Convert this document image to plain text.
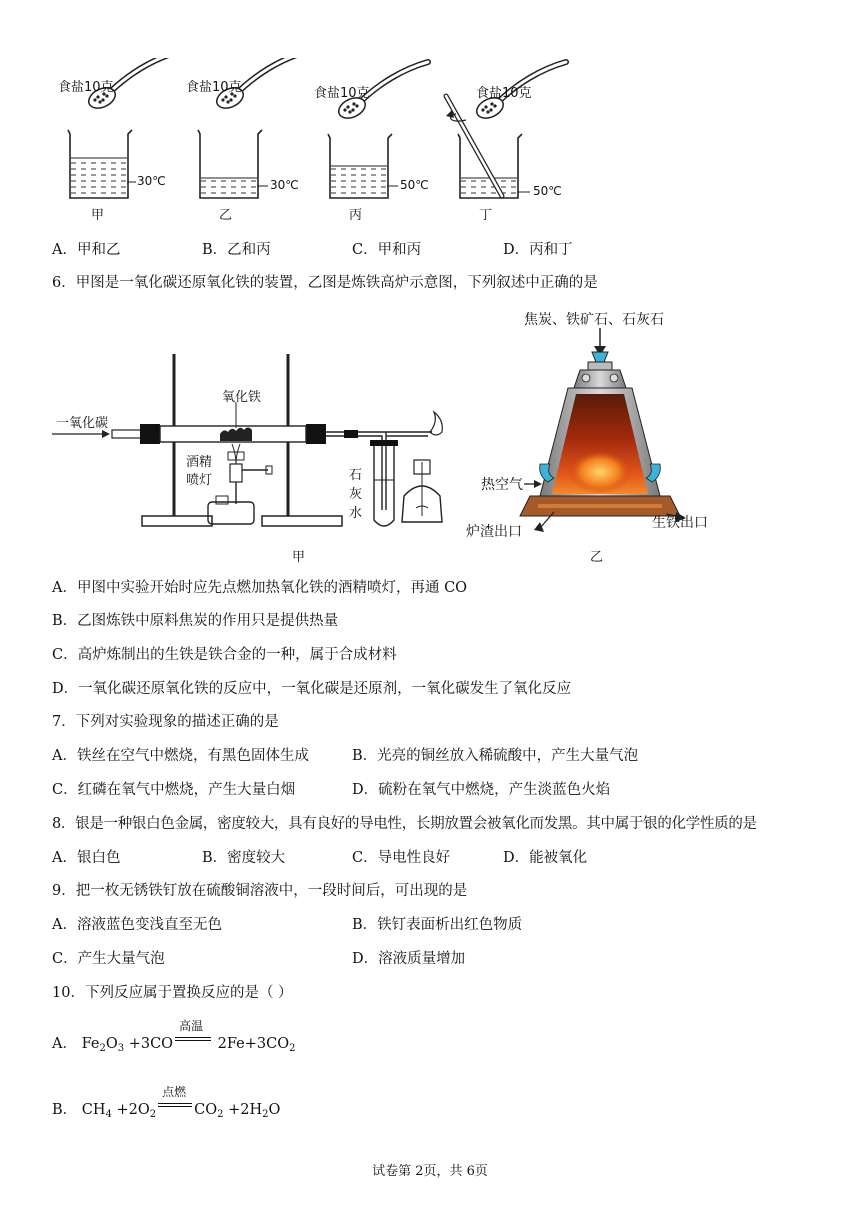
食盐10克	食盐10克	食盐10克	食盐10克
30℃	30℃	50℃	50℃
甲	乙	丙	丁
A．甲和乙	B．乙和丙	C．甲和丙	D．丙和丁
6．甲图是一氧化碳还原氧化铁的装置，乙图是炼铁高炉示意图，下列叙述中正确的是
一氧化碳
氧化铁
酒精喷灯	石灰水
甲
焦炭、铁矿石、石灰石
热空气
炉渣出口
生铁出口
乙
A．甲图中实验开始时应先点燃加热氧化铁的酒精喷灯，再通 CO
B．乙图炼铁中原料焦炭的作用只是提供热量
C．高炉炼制出的生铁是铁合金的一种，属于合成材料
D．一氧化碳还原氧化铁的反应中，一氧化碳是还原剂，一氧化碳发生了氧化反应
7．下列对实验现象的描述正确的是
A．铁丝在空气中燃烧，有黑色固体生成	B．光亮的铜丝放入稀硫酸中，产生大量气泡
C．红磷在氧气中燃烧，产生大量白烟	D．硫粉在氧气中燃烧，产生淡蓝色火焰
8．银是一种银白色金属，密度较大，具有良好的导电性，长期放置会被氧化而发黑。其中属于银的化学性质的是
A．银白色	B．密度较大	C．导电性良好	D．能被氧化
9．把一枚无锈铁钉放在硫酸铜溶液中，一段时间后，可出现的是
A．溶液蓝色变浅直至无色	B．铁钉表面析出红色物质
C．产生大量气泡	D．溶液质量增加
10．下列反应属于置换反应的是（ ）
A． $Fe_2O_3 +3CO$
高温
$2Fe+3CO_2$
B． $CH_4 +2O_2$
点燃
$CO_2 +2H_2O$
试卷第 2页，共 6页
